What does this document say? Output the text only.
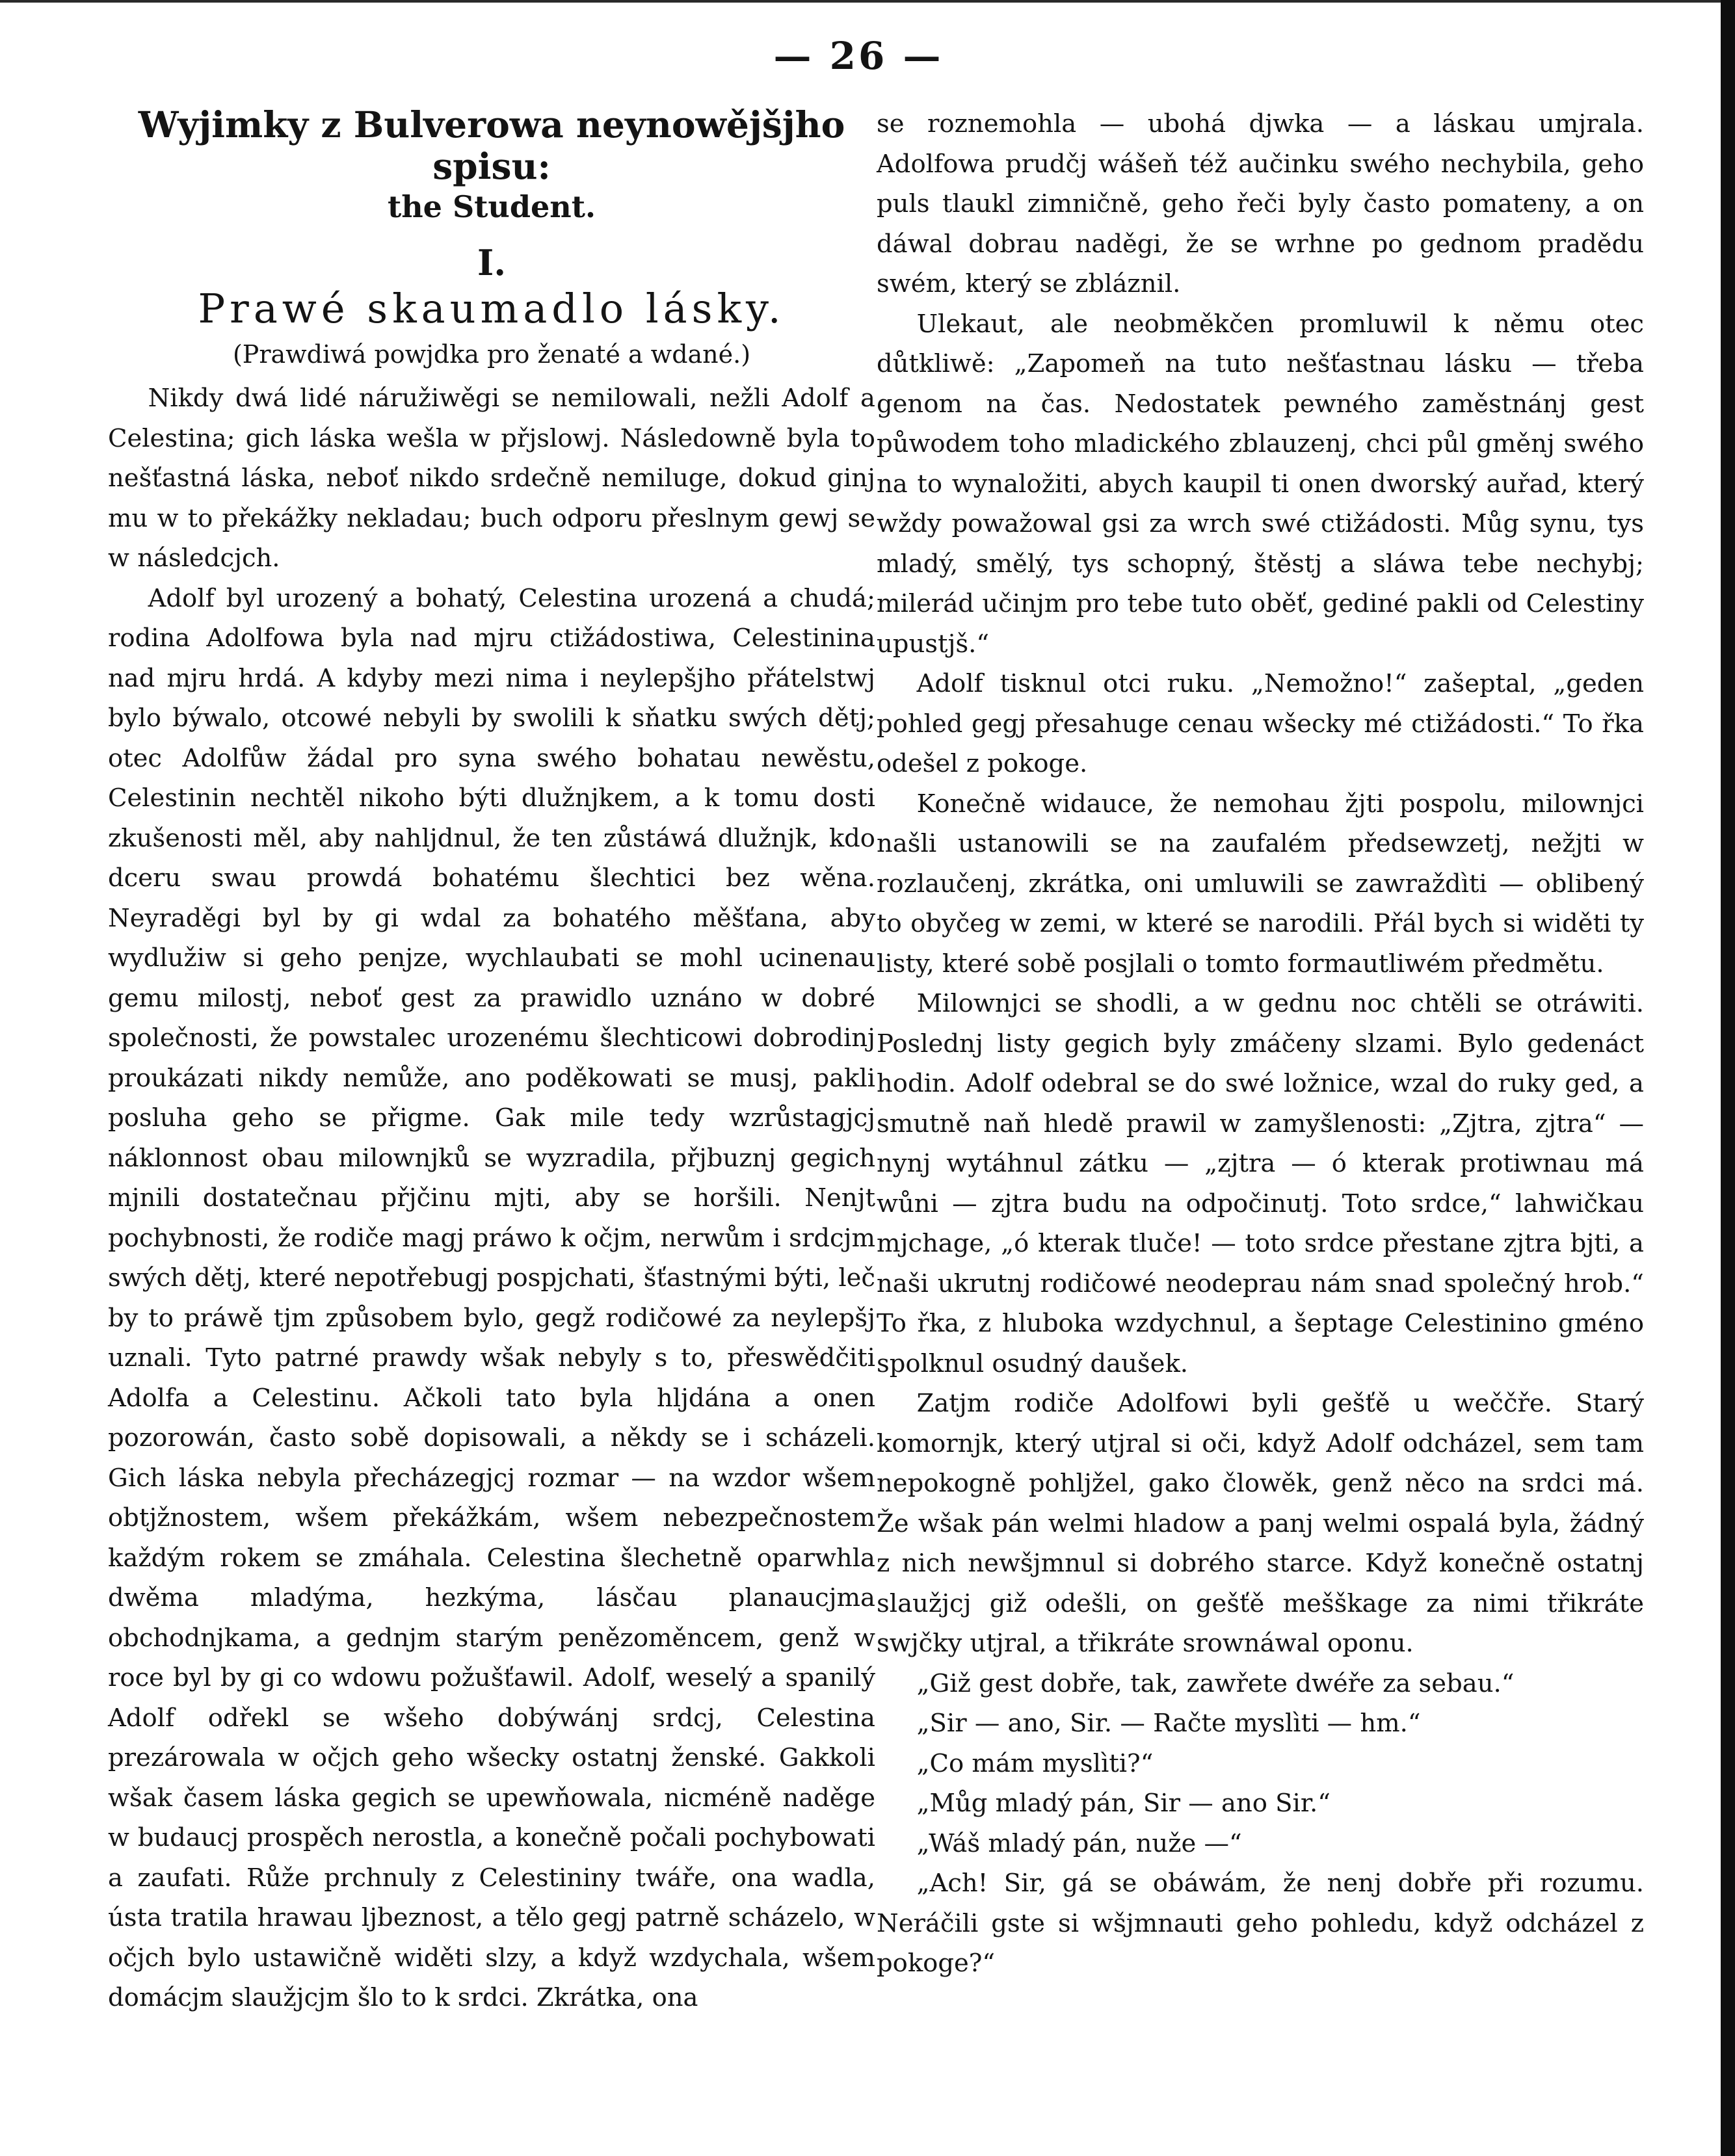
— 26 —
Wyjimky z Bulverowa neynowějšjho spisu:
the Student.
I.
Prawé skaumadlo lásky.
(Prawdiwá powjdka pro ženaté a wdané.)

Nikdy dwá lidé náružiwěgi se nemilowali, nežli Adolf a Celestina; gich láska wešla w přjslowj. Následowně byla to nešťastná láska, neboť nikdo srdečně nemiluge, dokud ginj mu w to překážky nekladau; buch odporu přeslnym gewj se w následcjch.

Adolf byl urozený a bohatý, Celestina urozená a chudá; rodina Adolfowa byla nad mjru ctižádostiwa, Celestinina nad mjru hrdá. A kdyby mezi nima i neylepšjho přátelstwj bylo býwalo, otcowé nebyli by swolili k sňatku swých dětj; otec Adolfůw žádal pro syna swého bohatau newěstu, Celestinin nechtěl nikoho býti dlužnjkem, a k tomu dosti zkušenosti měl, aby nahljdnul, že ten zůstáwá dlužnjk, kdo dceru swau prowdá bohatému šlechtici bez wěna. Neyraděgi byl by gi wdal za bohatého měšťana, aby wydlužiw si geho penjze, wychlaubati se mohl ucinenau gemu milostj, neboť gest za prawidlo uznáno w dobré společnosti, že powstalec urozenému šlechticowi dobrodinj proukázati nikdy nemůže, ano poděkowati se musj, pakli posluha geho se přigme. Gak mile tedy wzrůstagjcj náklonnost obau milownjků se wyzradila, přjbuznj gegich mjnili dostatečnau přjčinu mjti, aby se horšili. Nenjt pochybnosti, že rodiče magj práwo k očjm, nerwům i srdcjm swých dětj, které nepotřebugj pospjchati, šťastnými býti, leč by to práwě tjm způsobem bylo, gegž rodičowé za neylepšj uznali. Tyto patrné prawdy wšak nebyly s to, přeswědčiti Adolfa a Celestinu. Ačkoli tato byla hljdána a onen pozorowán, často sobě dopisowali, a někdy se i scházeli. Gich láska nebyla přecházegjcj rozmar — na wzdor wšem obtjžnostem, wšem překážkám, wšem nebezpečnostem každým rokem se zmáhala. Celestina šlechetně oparwhla dwěma mladýma, hezkýma, lásčau planaucjma obchodnjkama, a gednjm starým penězoměncem, genž w roce byl by gi co wdowu požušťawil. Adolf, weselý a spanilý Adolf odřekl se wšeho dobýwánj srdcj, Celestina prezárowala w očjch geho wšecky ostatnj ženské. Gakkoli wšak časem láska gegich se upewňowala, nicméně naděge w budaucj prospěch nerostla, a konečně počali pochybowati a zaufati. Růže prchnuly z Celestininy twáře, ona wadla, ústa tratila hrawau ljbeznost, a tělo gegj patrně scházelo, w očjch bylo ustawičně widěti slzy, a když wzdychala, wšem domácjm slaužjcjm šlo to k srdci. Zkrátka, ona

se roznemohla — ubohá djwka — a láskau umjrala. Adolfowa prudčj wášeň též aučinku swého nechybila, geho puls tlaukl zimničně, geho řeči byly často pomateny, a on dáwal dobrau naděgi, že se wrhne po gednom pradědu swém, který se zbláznil.

Ulekaut, ale neobměkčen promluwil k němu otec důtkliwě: „Zapomeň na tuto nešťastnau lásku — třeba genom na čas. Nedostatek pewného zaměstnánj gest půwodem toho mladického zblauzenj, chci půl gměnj swého na to wynaložiti, abych kaupil ti onen dworský auřad, který wždy powažowal gsi za wrch swé ctižádosti. Můg synu, tys mladý, smělý, tys schopný, štěstj a sláwa tebe nechybj; milerád učinjm pro tebe tuto oběť, gediné pakli od Celestiny upustjš.“

Adolf tisknul otci ruku. „Nemožno!“ zašeptal, „geden pohled gegj přesahuge cenau wšecky mé ctižádosti.“ To řka odešel z pokoge.

Konečně widauce, že nemohau žjti pospolu, milownjci našli ustanowili se na zaufalém předsewzetj, nežjti w rozlaučenj, zkrátka, oni umluwili se zawraždìti — oblibený to obyčeg w zemi, w které se narodili. Přál bych si widěti ty listy, které sobě posjlali o tomto formautliwém předmětu.

Milownjci se shodli, a w gednu noc chtěli se otráwiti. Poslednj listy gegich byly zmáčeny slzami. Bylo gedenáct hodin. Adolf odebral se do swé ložnice, wzal do ruky ged, a smutně naň hledě prawil w zamyšlenosti: „Zjtra, zjtra“ — nynj wytáhnul zátku — „zjtra — ó kterak protiwnau má wůni — zjtra budu na odpočinutj. Toto srdce,“ lahwičkau mjchage, „ó kterak tluče! — toto srdce přestane zjtra bjti, a naši ukrutnj rodičowé neodeprau nám snad společný hrob.“ To řka, z hluboka wzdychnul, a šeptage Celestinino gméno spolknul osudný daušek.

Zatjm rodiče Adolfowi byli gešťě u weččře. Starý komornjk, který utjral si oči, když Adolf odcházel, sem tam nepokogně pohljžel, gako člowěk, genž něco na srdci má. Že wšak pán welmi hladow a panj welmi ospalá byla, žádný z nich newšjmnul si dobrého starce. Když konečně ostatnj slaužjcj giž odešli, on gešťě mešškage za nimi třikráte swjčky utjral, a třikráte srownáwal oponu.

„Giž gest dobře, tak, zawřete dwéře za sebau.“

„Sir — ano, Sir. — Račte myslìti — hm.“

„Co mám myslìti?“

„Můg mladý pán, Sir — ano Sir.“

„Wáš mladý pán, nuže —“

„Ach! Sir, gá se obáwám, že nenj dobře při rozumu. Neráčili gste si wšjmnauti geho pohledu, když odcházel z pokoge?“
